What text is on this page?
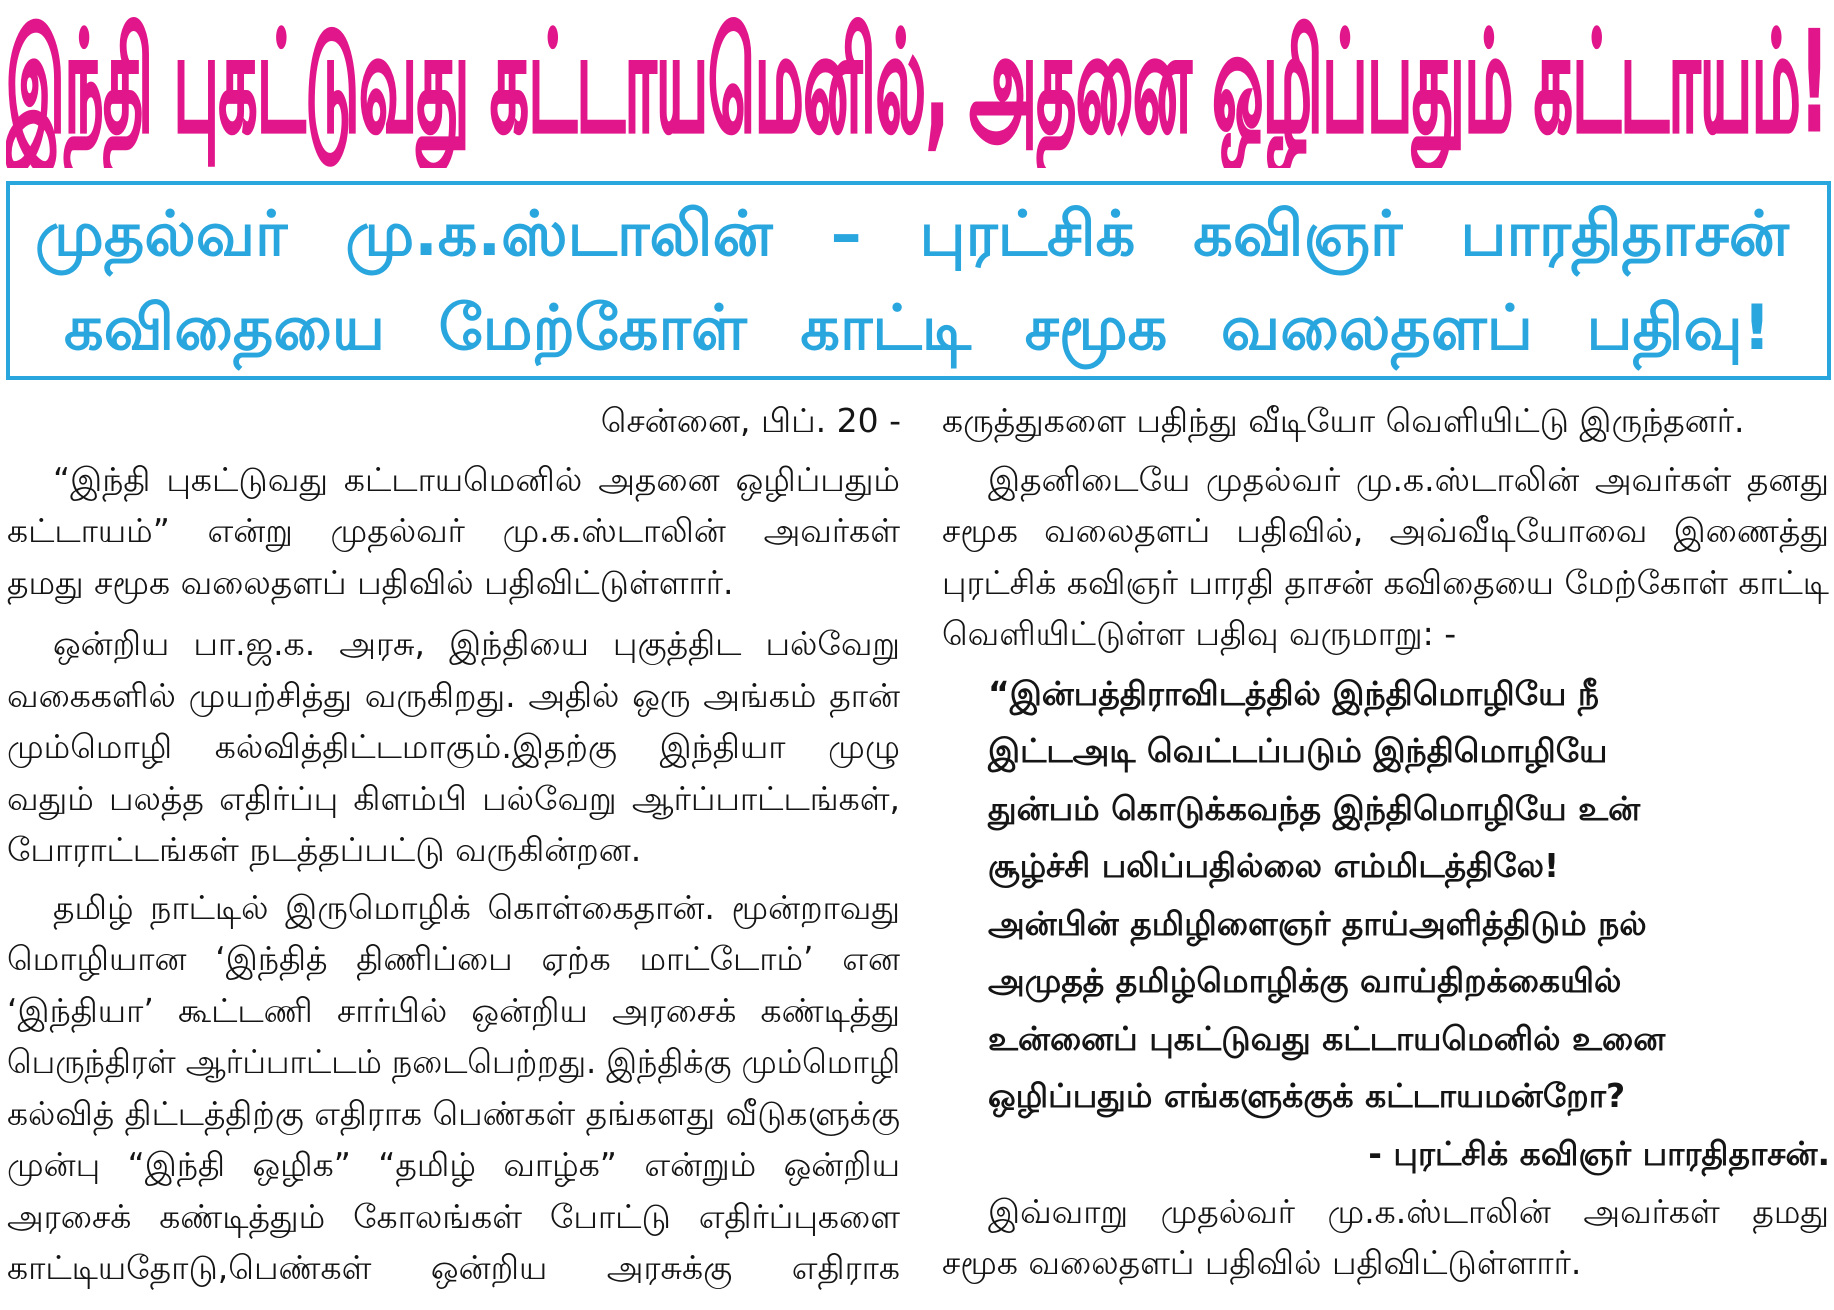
இந்தி புகட்டுவது கட்டாயமெனில், அதனை ஒழிப்பதும் கட்டாயம்!
முதல்வர் மு.க.ஸ்டாலின் – புரட்சிக் கவிஞர் பாரதிதாசன்
கவிதையை மேற்கோள் காட்டி சமூக வலைதளப் பதிவு!
சென்னை, பிப். 20 -
“இந்தி புகட்டுவது கட்டாயமெனில் அதனை ஒழிப்பதும்
கட்டாயம்” என்று முதல்வர் மு.க.ஸ்டாலின் அவர்கள்
தமது சமூக வலைதளப் பதிவில் பதிவிட்டுள்ளார்.
ஒன்றிய பா.ஜ.க. அரசு, இந்தியை புகுத்திட பல்வேறு
வகைகளில் முயற்சித்து வருகிறது. அதில் ஒரு அங்கம் தான்
மும்மொழி கல்வித்திட்டமாகும்.இதற்கு இந்தியா முழு
வதும் பலத்த எதிர்ப்பு கிளம்பி பல்வேறு ஆர்ப்பாட்டங்கள்,
போராட்டங்கள் நடத்தப்பட்டு வருகின்றன.
தமிழ் நாட்டில் இருமொழிக் கொள்கைதான். மூன்றாவது
மொழியான ‘இந்தித் திணிப்பை ஏற்க மாட்டோம்’ என
‘இந்தியா’ கூட்டணி சார்பில் ஒன்றிய அரசைக் கண்டித்து
பெருந்திரள் ஆர்ப்பாட்டம் நடைபெற்றது. இந்திக்கு மும்மொழி
கல்வித் திட்டத்திற்கு எதிராக பெண்கள் தங்களது வீடுகளுக்கு
முன்பு “இந்தி ஒழிக” “தமிழ் வாழ்க” என்றும் ஒன்றிய
அரசைக் கண்டித்தும் கோலங்கள் போட்டு எதிர்ப்புகளை
காட்டியதோடு,பெண்கள் ஒன்றிய அரசுக்கு எதிராக
கருத்துகளை பதிந்து வீடியோ வெளியிட்டு இருந்தனர்.
இதனிடையே முதல்வர் மு.க.ஸ்டாலின் அவர்கள் தனது
சமூக வலைதளப் பதிவில், அவ்வீடியோவை இணைத்து
புரட்சிக் கவிஞர் பாரதி தாசன் கவிதையை மேற்கோள் காட்டி
வெளியிட்டுள்ள பதிவு வருமாறு: -
“இன்பத்திராவிடத்தில் இந்திமொழியே நீ
இட்டஅடி வெட்டப்படும் இந்திமொழியே
துன்பம் கொடுக்கவந்த இந்திமொழியே உன்
சூழ்ச்சி பலிப்பதில்லை எம்மிடத்திலே!
அன்பின் தமிழிளைஞர் தாய்அளித்திடும் நல்
அமுதத் தமிழ்மொழிக்கு வாய்திறக்கையில்
உன்னைப் புகட்டுவது கட்டாயமெனில் உனை
ஒழிப்பதும் எங்களுக்குக் கட்டாயமன்றோ?
- புரட்சிக் கவிஞர் பாரதிதாசன்.
இவ்வாறு முதல்வர் மு.க.ஸ்டாலின் அவர்கள் தமது
சமூக வலைதளப் பதிவில் பதிவிட்டுள்ளார்.
